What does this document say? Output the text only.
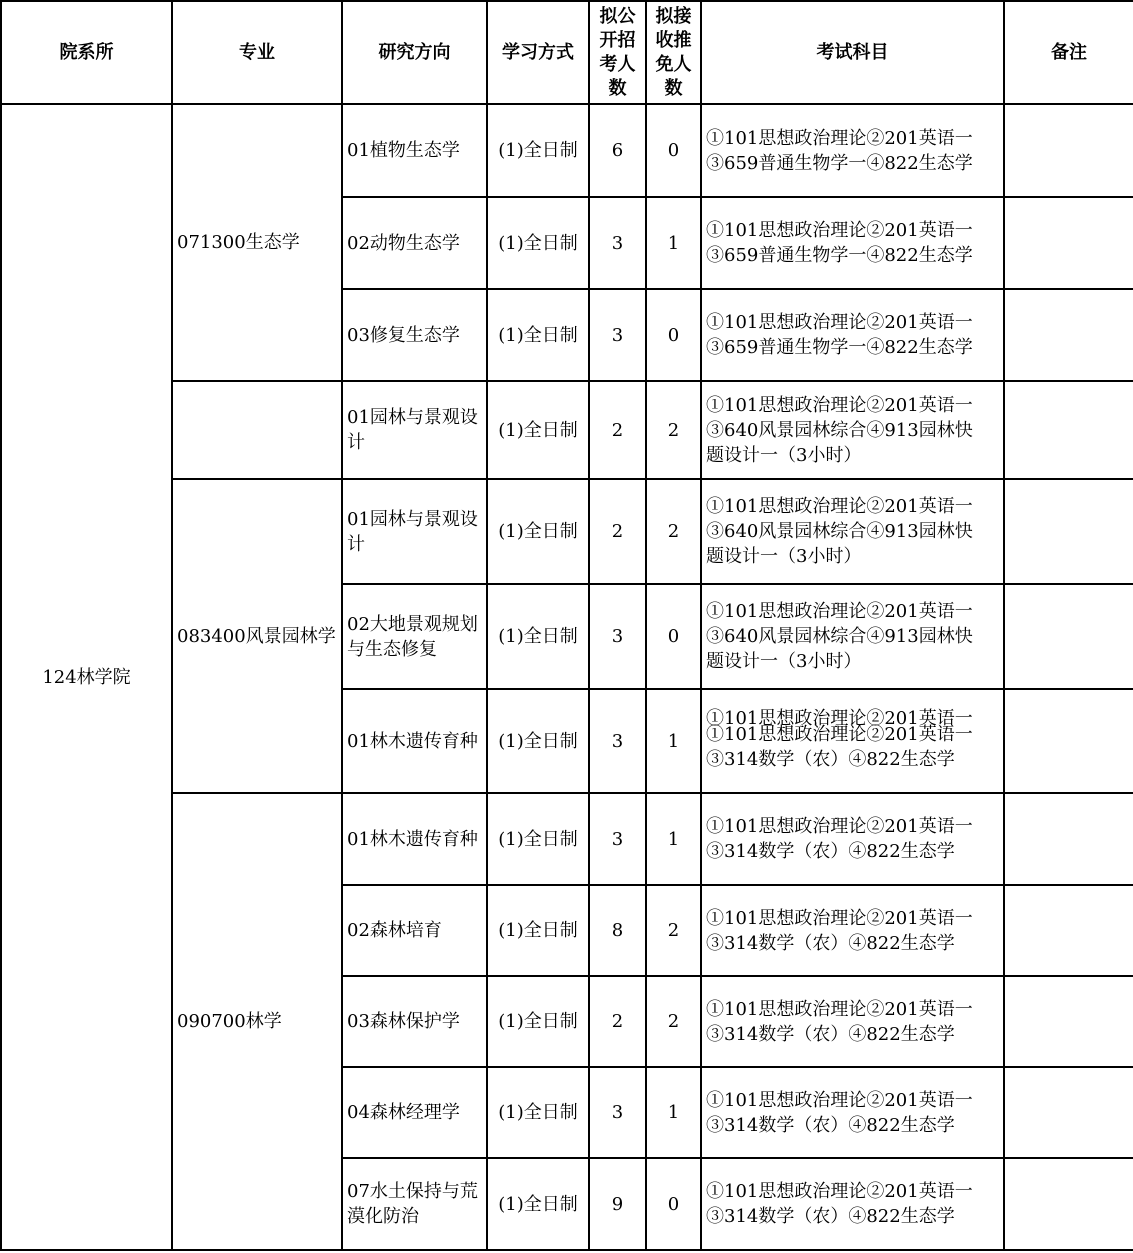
院系所	专业	研究方向	学习方式	拟公开招考人数	拟接收推免人数	考试科目	备注
124林学院	071300生态学	01植物生态学	(1)全日制	6	0	①101思想政治理论②201英语一
③659普通生物学一④822生态学	

		02动物生态学	(1)全日制	3	1	①101思想政治理论②201英语一
③659普通生物学一④822生态学	

		03修复生态学	(1)全日制	3	0	①101思想政治理论②201英语一
③659普通生物学一④822生态学	

		01园林与景观设计	(1)全日制	2	2	①101思想政治理论②201英语一
③640风景园林综合④913园林快
题设计一（3小时）	

	083400风景园林学	01园林与景观设计	(1)全日制	2	2	①101思想政治理论②201英语一
③640风景园林综合④913园林快
题设计一（3小时）	

		02大地景观规划与生态修复	(1)全日制	3	0	①101思想政治理论②201英语一
③640风景园林综合④913园林快
题设计一（3小时）	

		01林木遗传育种	(1)全日制	3	1	①101思想政治理论②201英语一
①101思想政治理论②201英语一
③314数学（农）④822生态学	

	090700林学	01林木遗传育种	(1)全日制	3	1	①101思想政治理论②201英语一
③314数学（农）④822生态学	

		02森林培育	(1)全日制	8	2	①101思想政治理论②201英语一
③314数学（农）④822生态学	

		03森林保护学	(1)全日制	2	2	①101思想政治理论②201英语一
③314数学（农）④822生态学	

		04森林经理学	(1)全日制	3	1	①101思想政治理论②201英语一
③314数学（农）④822生态学	

		07水土保持与荒漠化防治	(1)全日制	9	0	①101思想政治理论②201英语一
③314数学（农）④822生态学	
